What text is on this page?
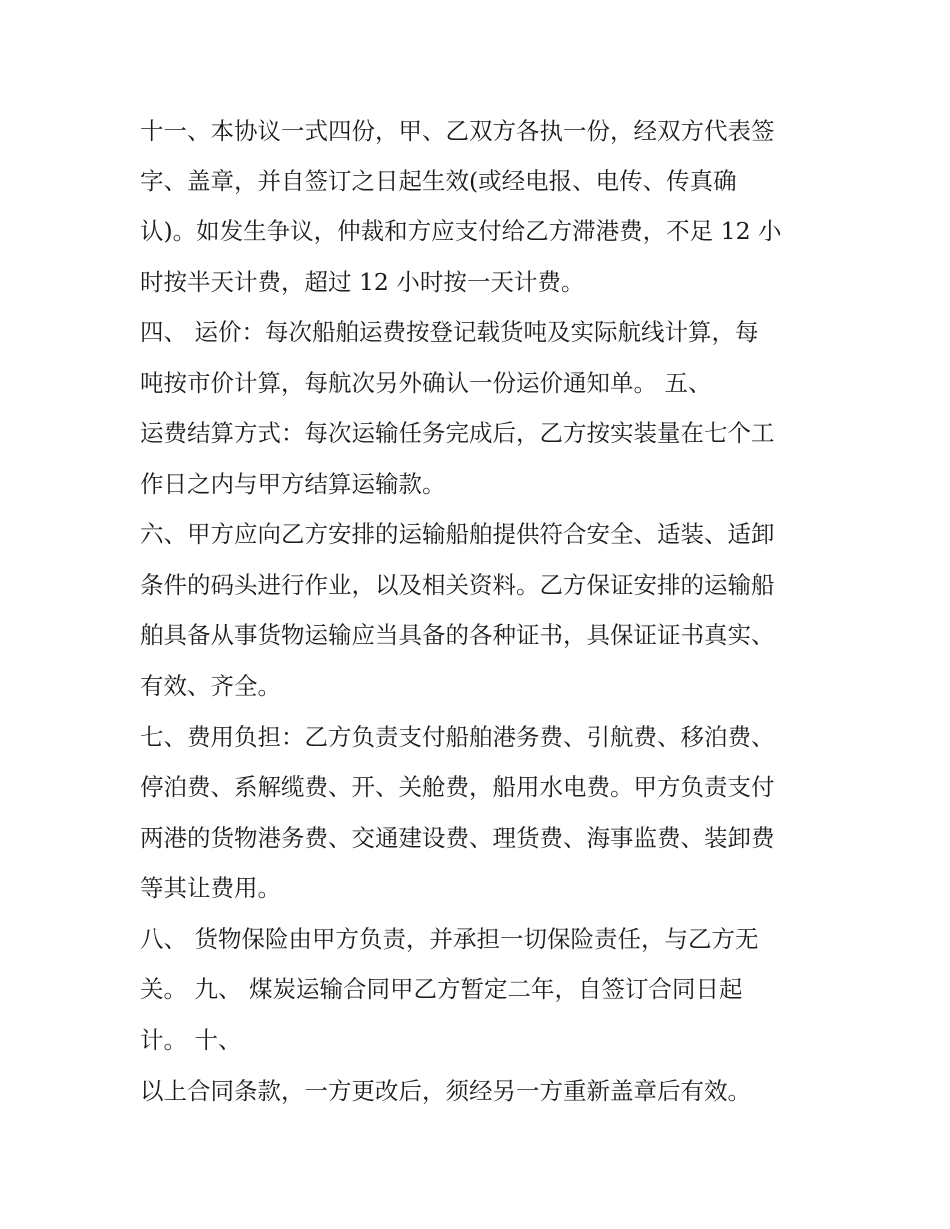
十一、本协议一式四份，甲、乙双方各执一份，经双方代表签

字、盖章，并自签订之日起生效(或经电报、电传、传真确

认)。如发生争议，仲裁和方应支付给乙方滞港费，不足 12 小

时按半天计费，超过 12 小时按一天计费。

四、 运价：每次船舶运费按登记载货吨及实际航线计算，每

吨按市价计算，每航次另外确认一份运价通知单。 五、

运费结算方式：每次运输任务完成后，乙方按实装量在七个工

作日之内与甲方结算运输款。

六、甲方应向乙方安排的运输船舶提供符合安全、适装、适卸

条件的码头进行作业，以及相关资料。乙方保证安排的运输船

舶具备从事货物运输应当具备的各种证书，具保证证书真实、

有效、齐全。

七、费用负担：乙方负责支付船舶港务费、引航费、移泊费、

停泊费、系解缆费、开、关舱费，船用水电费。甲方负责支付

两港的货物港务费、交通建设费、理货费、海事监费、装卸费

等其让费用。

八、 货物保险由甲方负责，并承担一切保险责任，与乙方无

关。 九、 煤炭运输合同甲乙方暂定二年，自签订合同日起

计。 十、

以上合同条款，一方更改后，须经另一方重新盖章后有效。
